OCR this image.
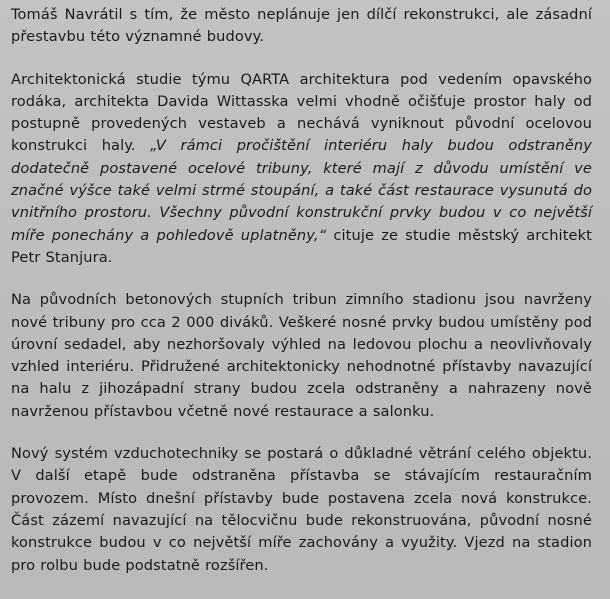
Tomáš Navrátil s tím, že město neplánuje jen dílčí rekonstrukci, ale zásadní přestavbu této významné budovy.

Architektonická studie týmu QARTA architektura pod vedením opavského rodáka, architekta Davida Wittasska velmi vhodně očišťuje prostor haly od postupně provedených vestaveb a nechává vyniknout původní ocelovou konstrukci haly. „V rámci pročištění interiéru haly budou odstraněny dodatečně postavené ocelové tribuny, které mají z důvodu umístění ve značné výšce také velmi strmé stoupání, a také část restaurace vysunutá do vnitřního prostoru. Všechny původní konstrukční prvky budou v co největší míře ponechány a pohledově uplatněny,“ cituje ze studie městský architekt Petr Stanjura.

Na původních betonových stupních tribun zimního stadionu jsou navrženy nové tribuny pro cca 2 000 diváků. Veškeré nosné prvky budou umístěny pod úrovní sedadel, aby nezhoršovaly výhled na ledovou plochu a neovlivňovaly vzhled interiéru. Přidružené architektonicky nehodnotné přístavby navazující na halu z jihozápadní strany budou zcela odstraněny a nahrazeny nově navrženou přístavbou včetně nové restaurace a salonku.

Nový systém vzduchotechniky se postará o důkladné větrání celého objektu. V další etapě bude odstraněna přístavba se stávajícím restauračním provozem. Místo dnešní přístavby bude postavena zcela nová konstrukce. Část zázemí navazující na tělocvičnu bude rekonstruována, původní nosné konstrukce budou v co největší míře zachovány a využity. Vjezd na stadion pro rolbu bude podstatně rozšířen.
